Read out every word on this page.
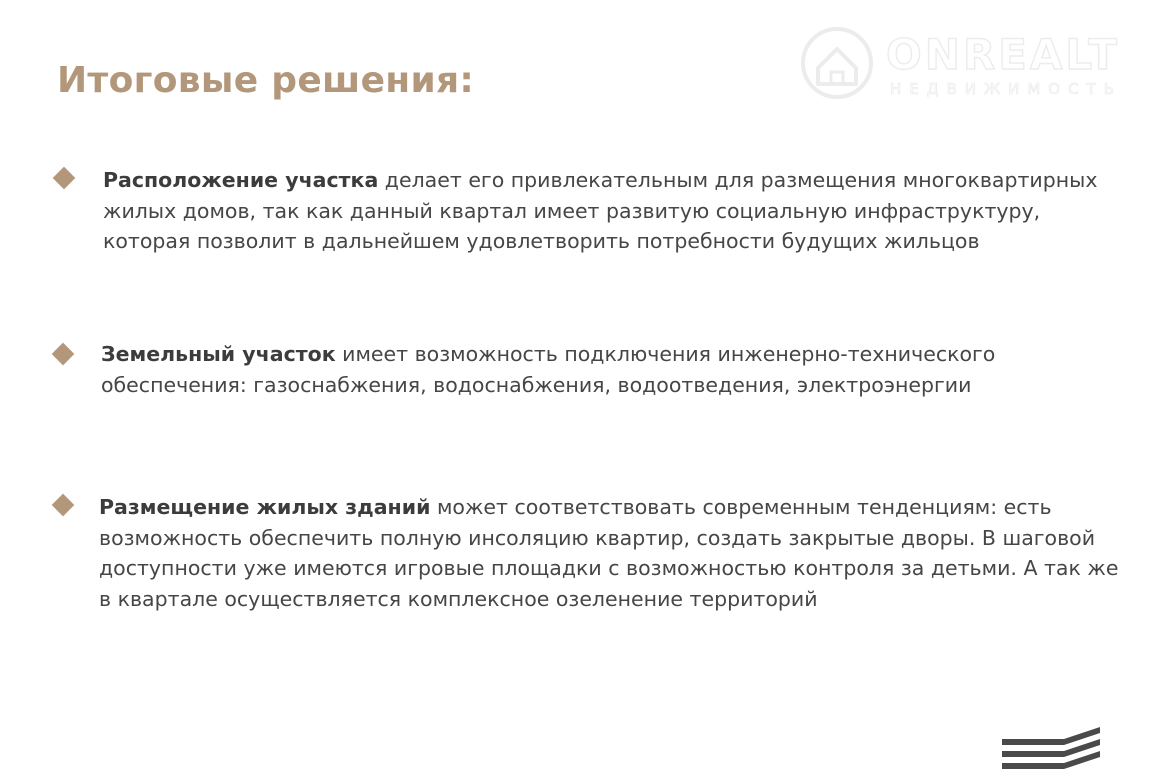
ONREALT
НЕДВИЖИМОСТЬ
Итоговые решения:

Расположение участка делает его привлекательным для размещения многоквартирных жилых домов, так как данный квартал имеет развитую социальную инфраструктуру, которая позволит в дальнейшем удовлетворить потребности будущих жильцов

Земельный участок имеет возможность подключения инженерно-технического обеспечения: газоснабжения, водоснабжения, водоотведения, электроэнергии

Размещение жилых зданий может соответствовать современным тенденциям: есть возможность обеспечить полную инсоляцию квартир, создать закрытые дворы. В шаговой доступности уже имеются игровые площадки с возможностью контроля за детьми. А так же в квартале осуществляется комплексное озеленение территорий
